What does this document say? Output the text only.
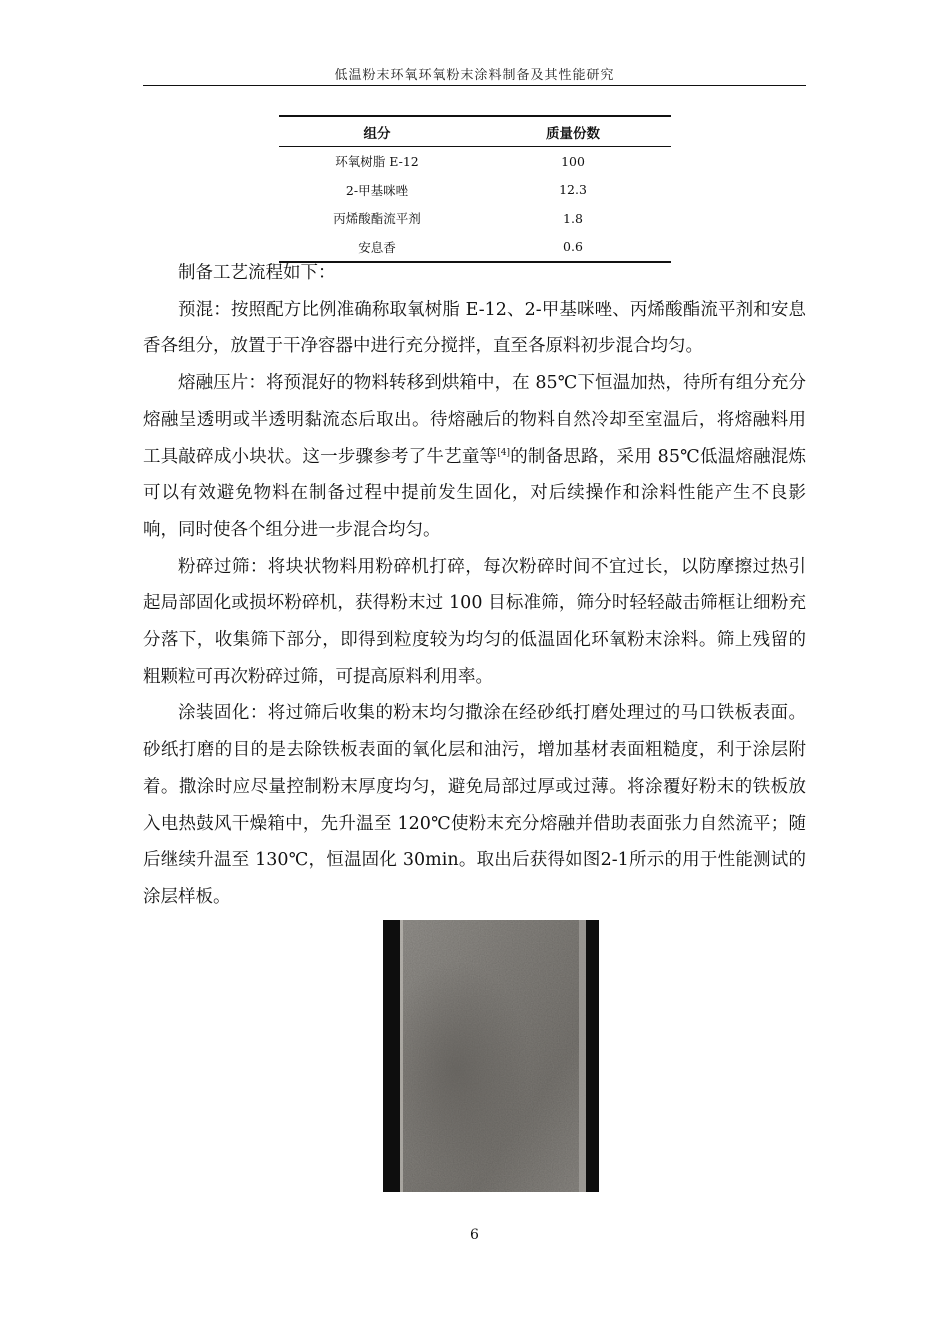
低温粉末环氧环氧粉末涂料制备及其性能研究
组分	质量份数
环氧树脂 E-12	100
2-甲基咪唑	12.3
丙烯酸酯流平剂	1.8
安息香	0.6

制备工艺流程如下：

预混：按照配方比例准确称取氧树脂 E-12、2-甲基咪唑、丙烯酸酯流平剂和安息香各组分，放置于干净容器中进行充分搅拌，直至各原料初步混合均匀。

熔融压片：将预混好的物料转移到烘箱中，在 85℃下恒温加热，待所有组分充分熔融呈透明或半透明黏流态后取出。待熔融后的物料自然冷却至室温后，将熔融料用工具敲碎成小块状。这一步骤参考了牛艺童等[4]的制备思路，采用 85℃低温熔融混炼可以有效避免物料在制备过程中提前发生固化，对后续操作和涂料性能产生不良影响，同时使各个组分进一步混合均匀。

粉碎过筛：将块状物料用粉碎机打碎，每次粉碎时间不宜过长，以防摩擦过热引起局部固化或损坏粉碎机，获得粉末过 100 目标准筛，筛分时轻轻敲击筛框让细粉充分落下，收集筛下部分，即得到粒度较为均匀的低温固化环氧粉末涂料。筛上残留的粗颗粒可再次粉碎过筛，可提高原料利用率。

涂装固化：将过筛后收集的粉末均匀撒涂在经砂纸打磨处理过的马口铁板表面。砂纸打磨的目的是去除铁板表面的氧化层和油污，增加基材表面粗糙度，利于涂层附着。撒涂时应尽量控制粉末厚度均匀，避免局部过厚或过薄。将涂覆好粉末的铁板放入电热鼓风干燥箱中，先升温至 120℃使粉末充分熔融并借助表面张力自然流平；随后继续升温至 130℃，恒温固化 30min。取出后获得如图2-1所示的用于性能测试的涂层样板。

6
